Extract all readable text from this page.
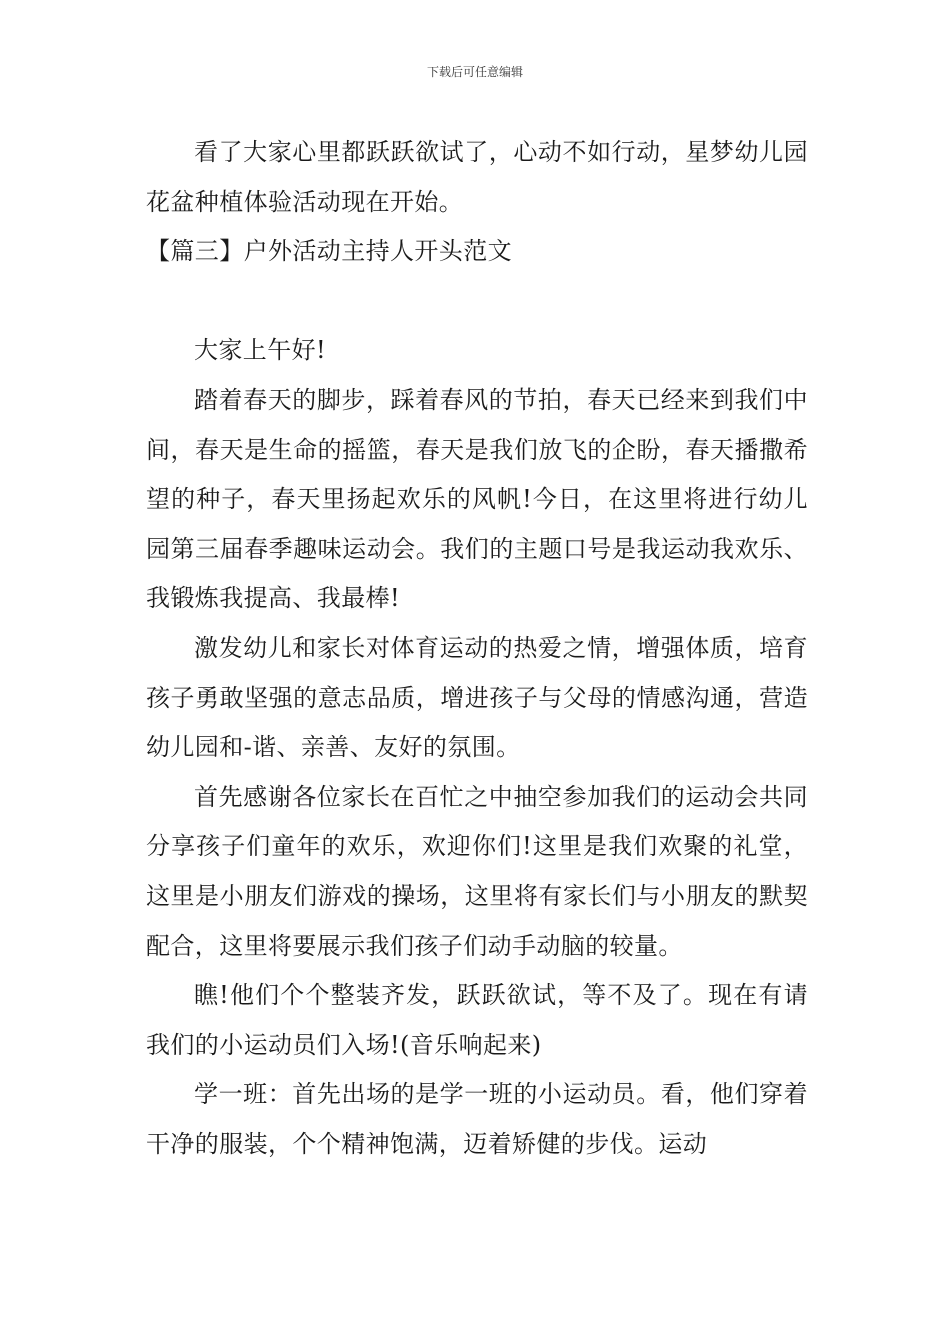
下载后可任意编辑

看了大家心里都跃跃欲试了，心动不如行动，星梦幼儿园花盆种植体验活动现在开始。

【篇三】户外活动主持人开头范文

大家上午好!

踏着春天的脚步，踩着春风的节拍，春天已经来到我们中间，春天是生命的摇篮，春天是我们放飞的企盼，春天播撒希望的种子，春天里扬起欢乐的风帆!今日，在这里将进行幼儿园第三届春季趣味运动会。我们的主题口号是我运动我欢乐、我锻炼我提高、我最棒!

激发幼儿和家长对体育运动的热爱之情，增强体质，培育孩子勇敢坚强的意志品质，增进孩子与父母的情感沟通，营造幼儿园和-谐、亲善、友好的氛围。

首先感谢各位家长在百忙之中抽空参加我们的运动会共同分享孩子们童年的欢乐，欢迎你们!这里是我们欢聚的礼堂，这里是小朋友们游戏的操场，这里将有家长们与小朋友的默契配合，这里将要展示我们孩子们动手动脑的较量。

瞧!他们个个整装齐发，跃跃欲试，等不及了。现在有请我们的小运动员们入场!(音乐响起来)

学一班：首先出场的是学一班的小运动员。看，他们穿着干净的服装，个个精神饱满，迈着矫健的步伐。运动
